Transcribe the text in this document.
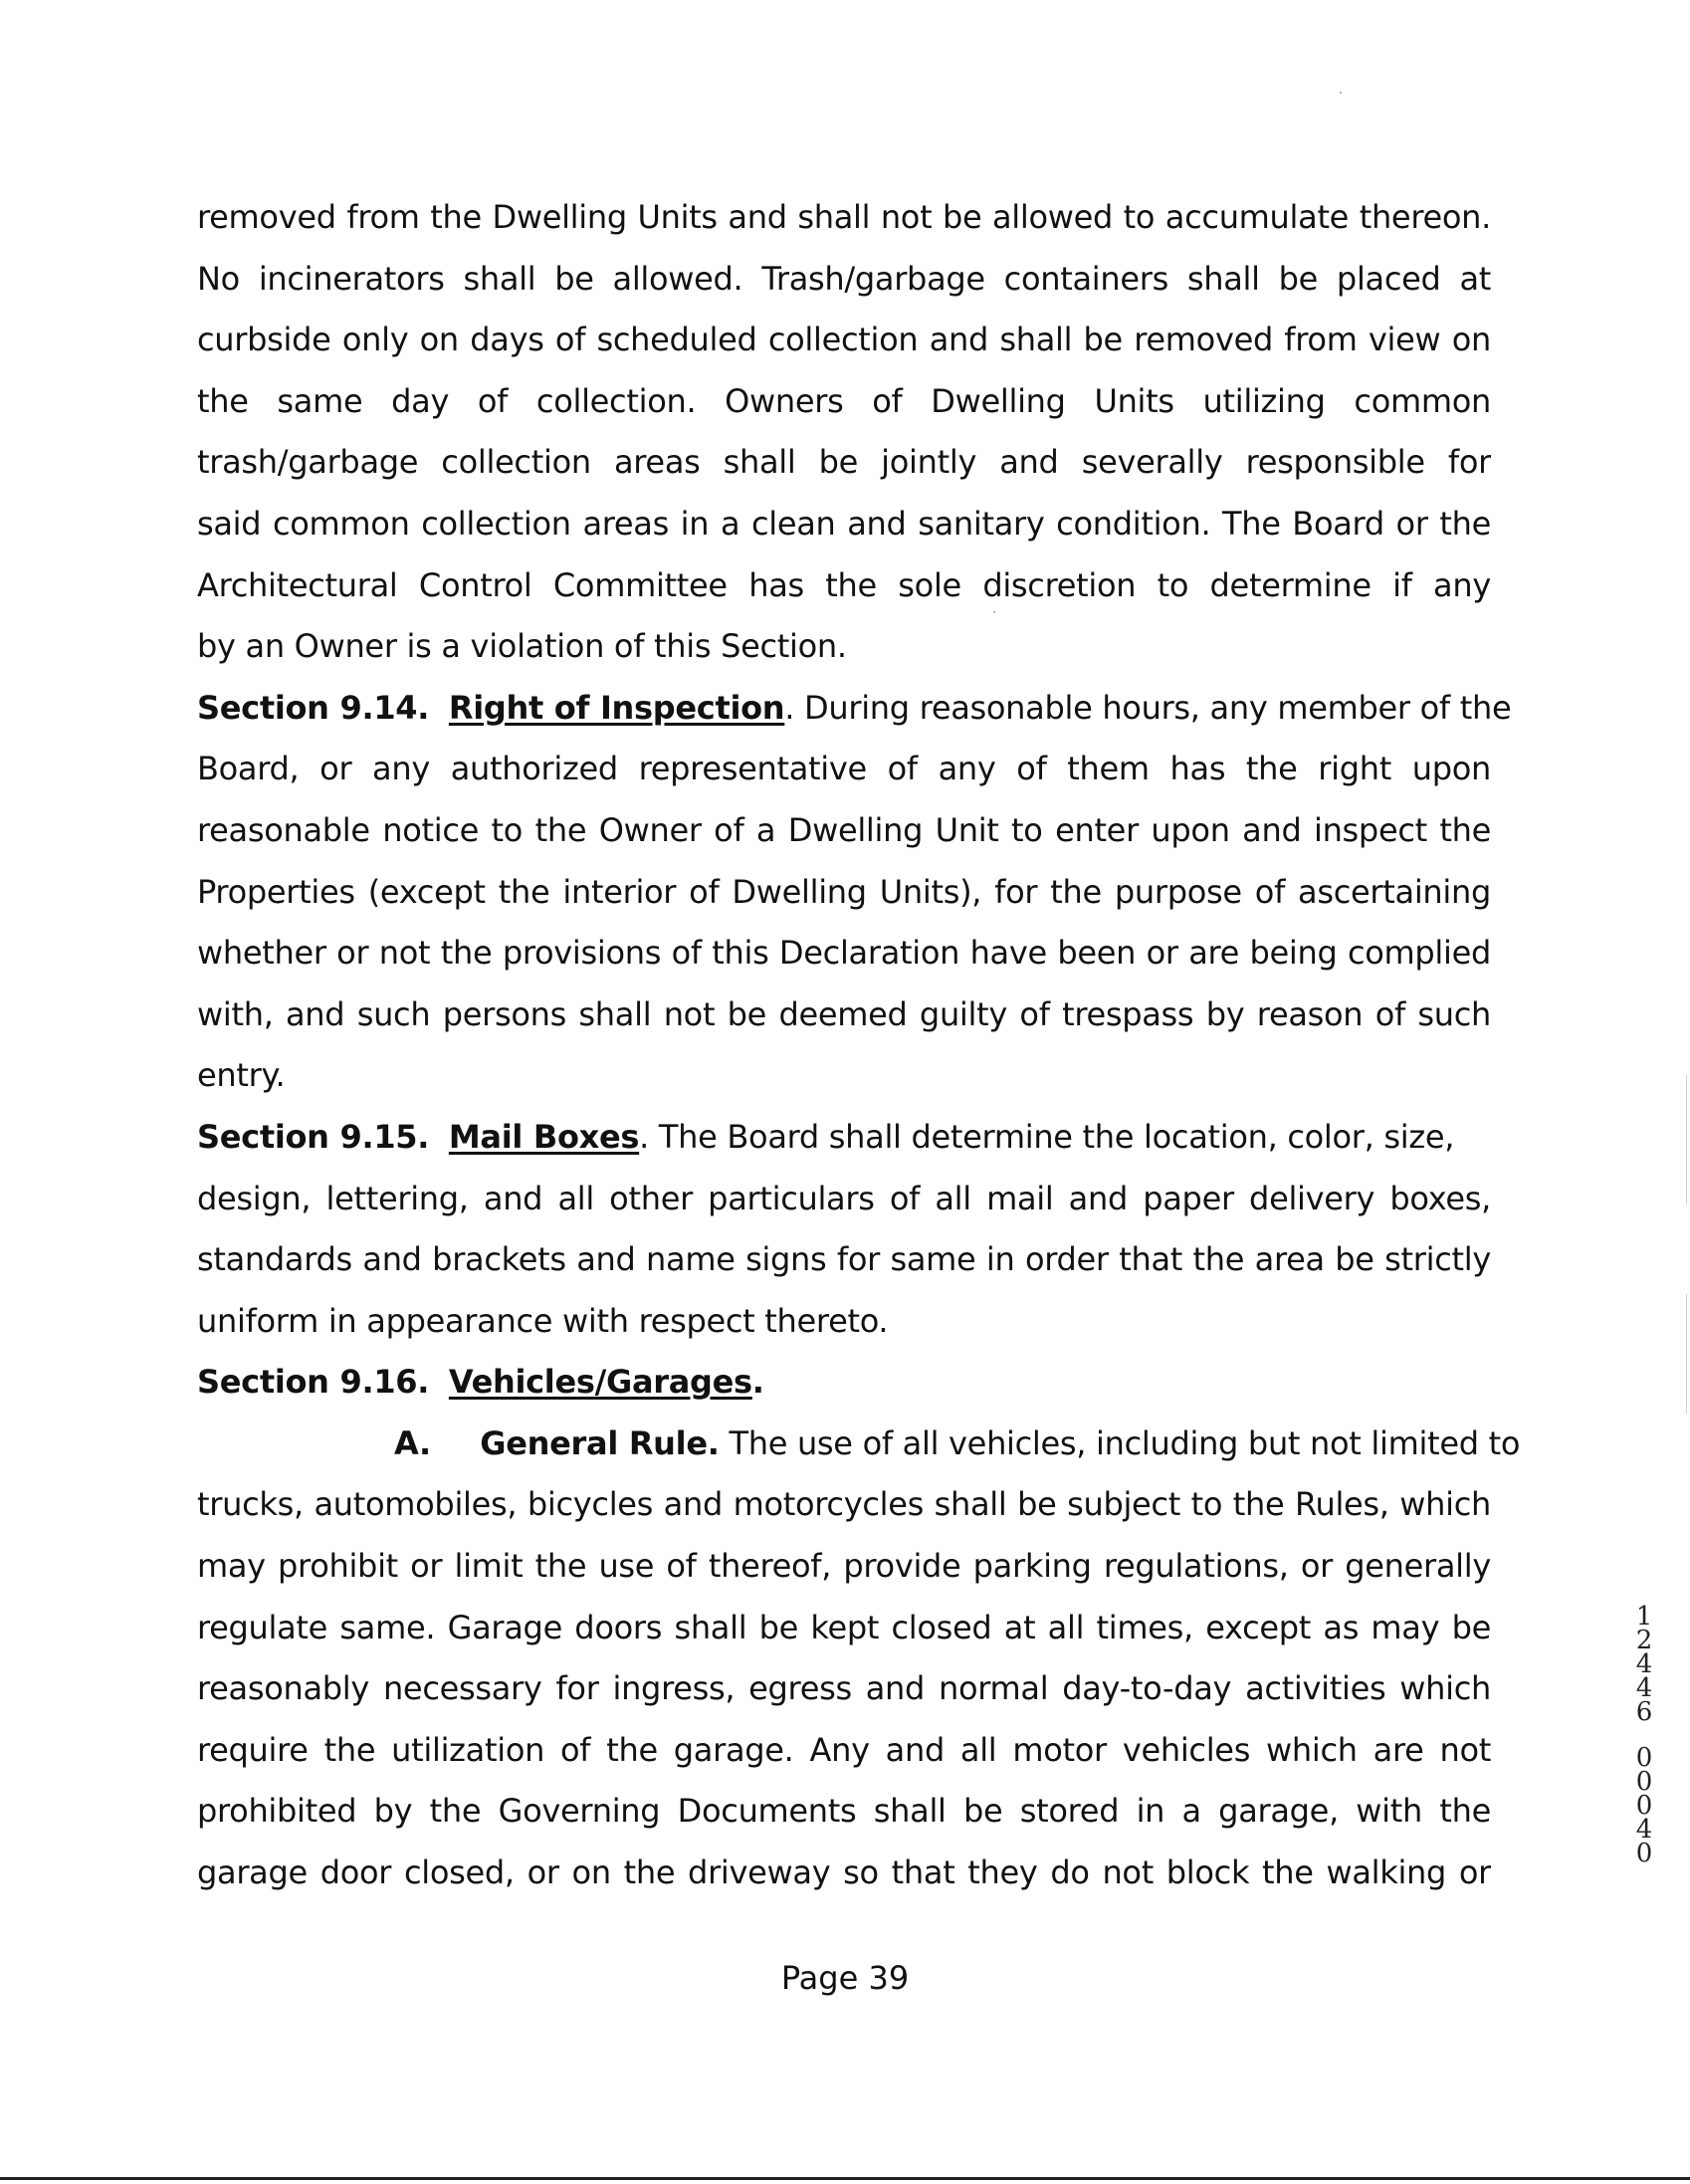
removed from the Dwelling Units and shall not be allowed to accumulate thereon.
No incinerators shall be allowed. Trash/garbage containers shall be placed at
curbside only on days of scheduled collection and shall be removed from view on
the same day of collection. Owners of Dwelling Units utilizing common
trash/garbage collection areas shall be jointly and severally responsible for
said common collection areas in a clean and sanitary condition. The Board or the
Architectural Control Committee has the sole discretion to determine if any
by an Owner is a violation of this Section.
Section 9.14. Right of Inspection. During reasonable hours, any member of the
Board, or any authorized representative of any of them has the right upon
reasonable notice to the Owner of a Dwelling Unit to enter upon and inspect the
Properties (except the interior of Dwelling Units), for the purpose of ascertaining
whether or not the provisions of this Declaration have been or are being complied
with, and such persons shall not be deemed guilty of trespass by reason of such
entry.
Section 9.15. Mail Boxes. The Board shall determine the location, color, size,
design, lettering, and all other particulars of all mail and paper delivery boxes,
standards and brackets and name signs for same in order that the area be strictly
uniform in appearance with respect thereto.
Section 9.16. Vehicles/Garages.
A. General Rule. The use of all vehicles, including but not limited to
trucks, automobiles, bicycles and motorcycles shall be subject to the Rules, which
may prohibit or limit the use of thereof, provide parking regulations, or generally
regulate same. Garage doors shall be kept closed at all times, except as may be
reasonably necessary for ingress, egress and normal day-to-day activities which
require the utilization of the garage. Any and all motor vehicles which are not
prohibited by the Governing Documents shall be stored in a garage, with the
garage door closed, or on the driveway so that they do not block the walking or
12446
00040
Page 39
